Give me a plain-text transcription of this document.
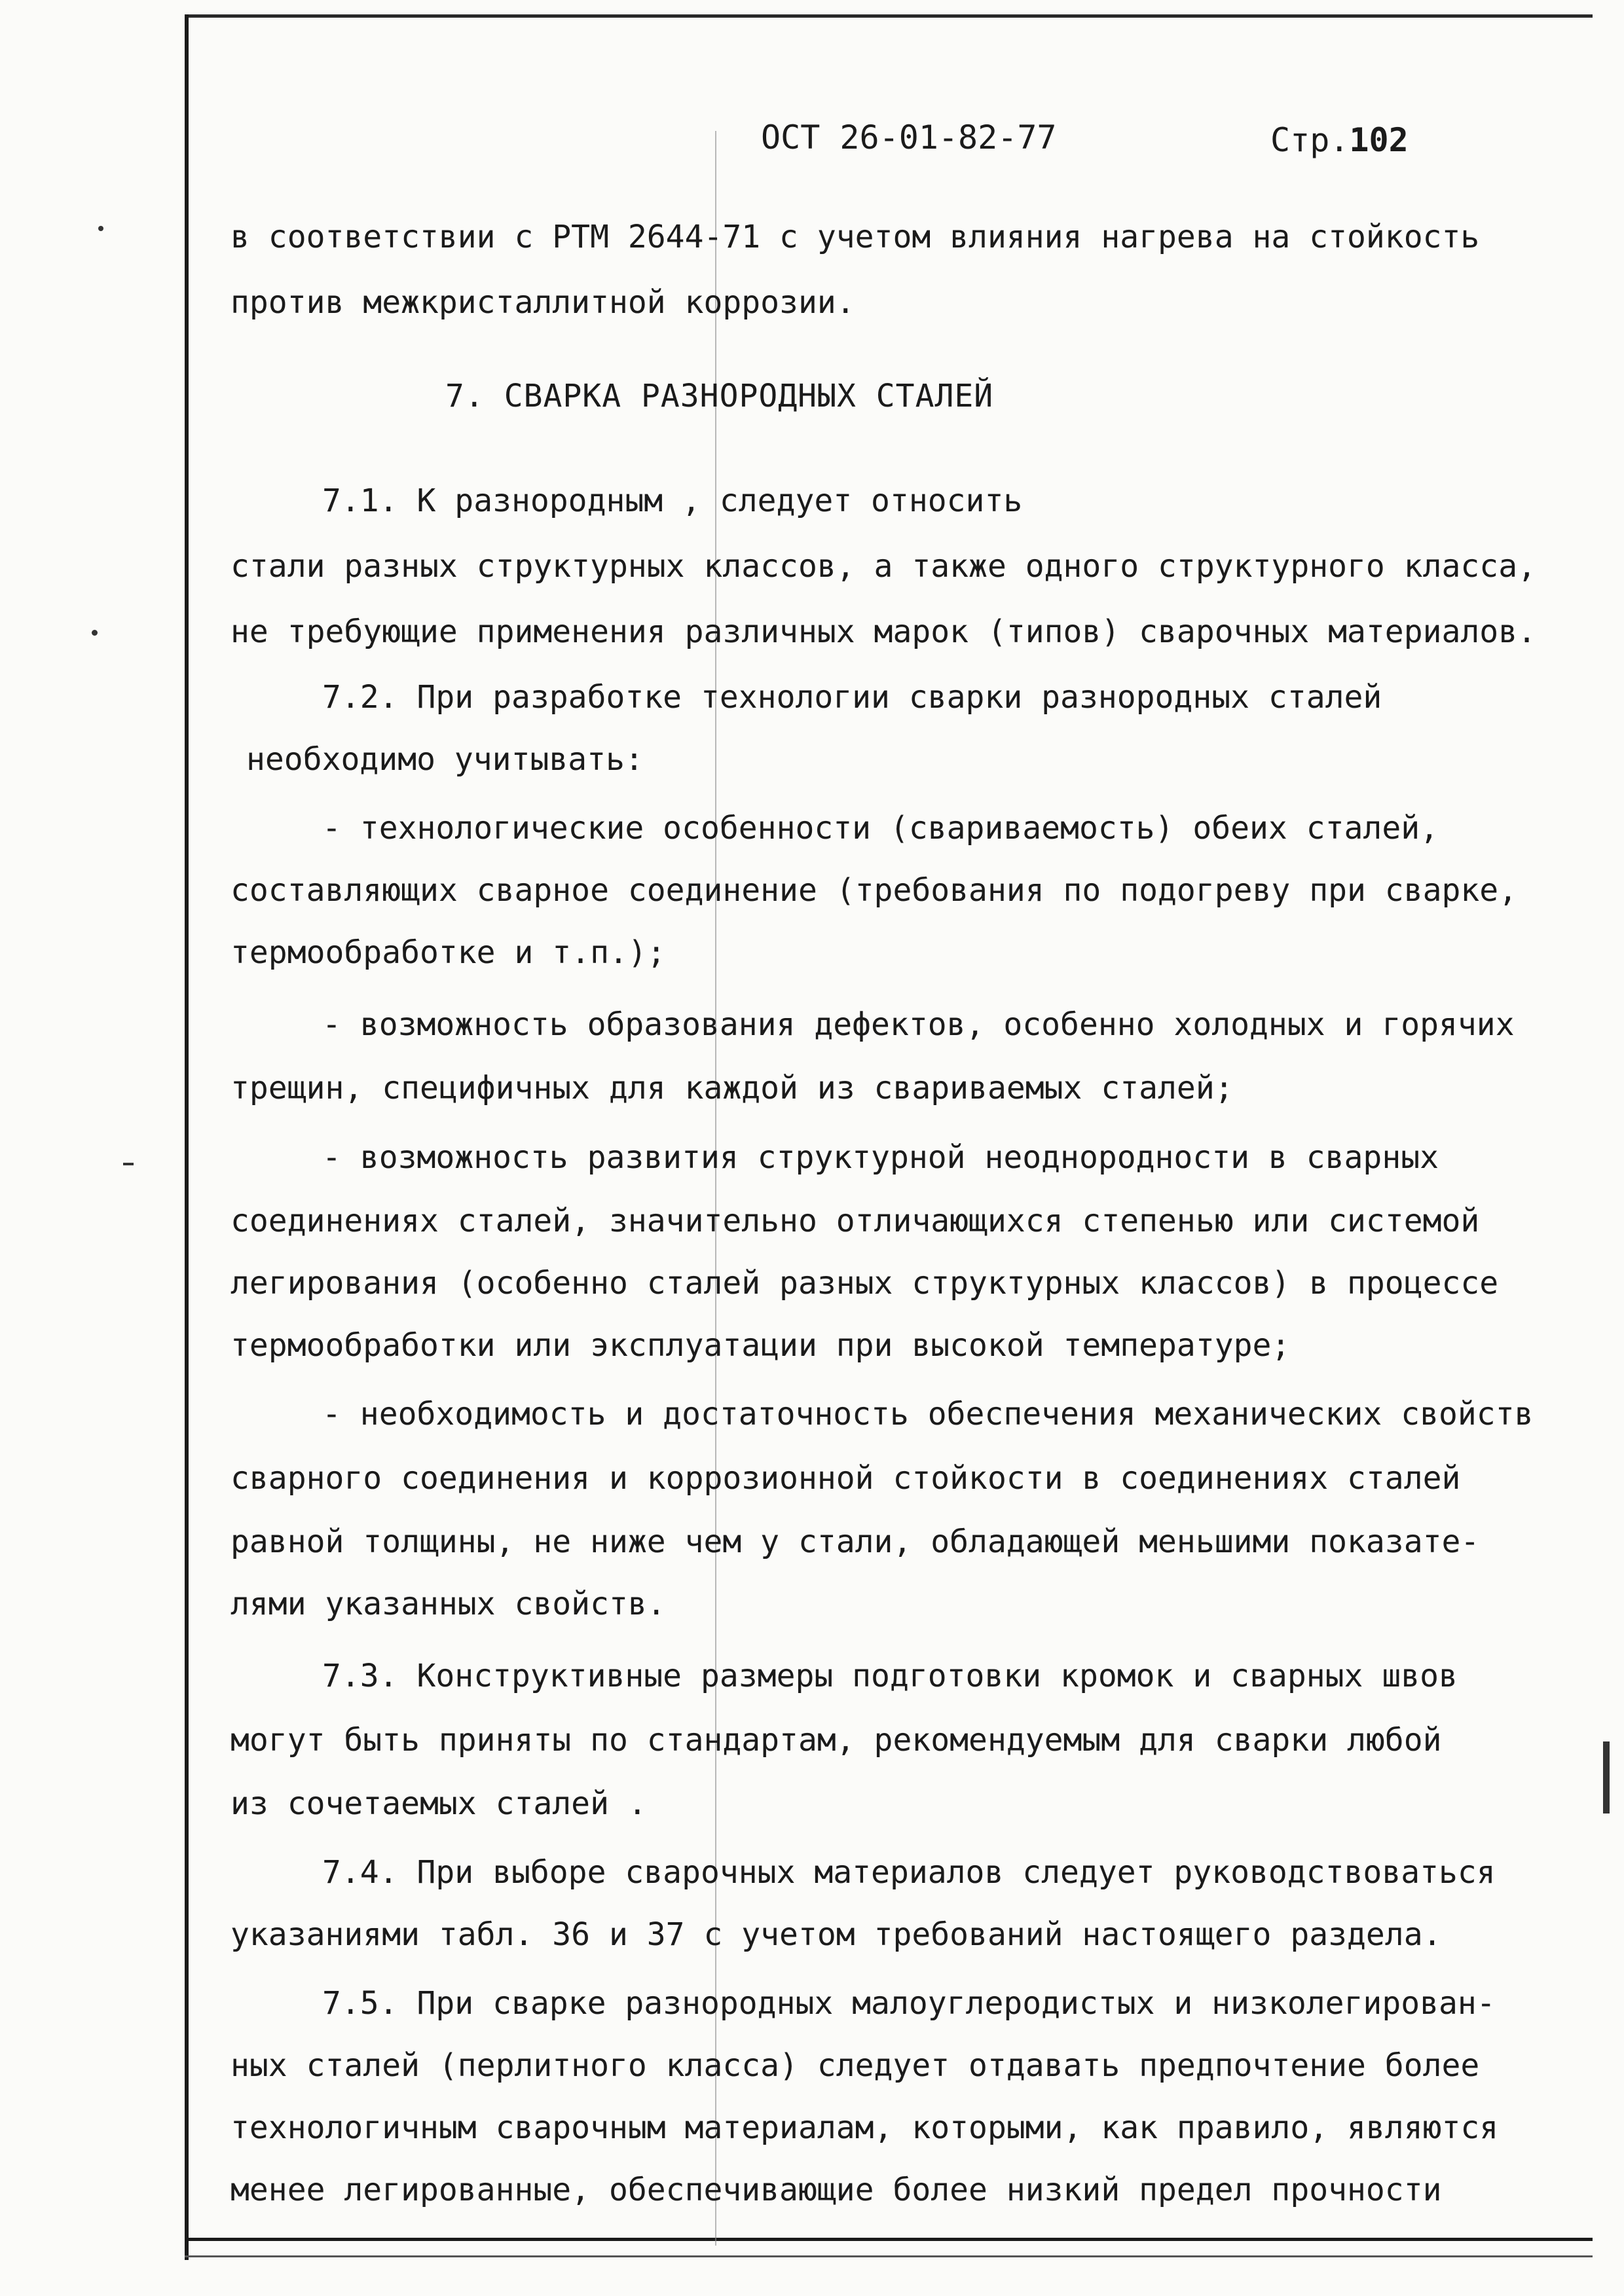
ОСТ 26-01-82-77	Стр.102
в соответствии с РТМ 2644-71 с учетом влияния нагрева на стойкость
против межкристаллитной коррозии.
7. СВАРКА РАЗНОРОДНЫХ СТАЛЕЙ
7.1. К разнородным , следует относить
стали разных структурных классов, а также одного структурного класса,
не требующие применения различных марок (типов) сварочных материалов.
7.2. При разработке технологии сварки разнородных сталей
необходимо учитывать:
- технологические особенности (свариваемость) обеих сталей,
составляющих сварное соединение (требования по подогреву при сварке,
термообработке и т.п.);
- возможность образования дефектов, особенно холодных и горячих
трещин, специфичных для каждой из свариваемых сталей;
- возможность развития структурной неоднородности в сварных
соединениях сталей, значительно отличающихся степенью или системой
легирования (особенно сталей разных структурных классов) в процессе
термообработки или эксплуатации при высокой температуре;
- необходимость и достаточность обеспечения механических свойств
сварного соединения и коррозионной стойкости в соединениях сталей
равной толщины, не ниже чем у стали, обладающей меньшими показате-
лями указанных свойств.
7.3. Конструктивные размеры подготовки кромок и сварных швов
могут быть приняты по стандартам, рекомендуемым для сварки любой
из сочетаемых сталей .
7.4. При выборе сварочных материалов следует руководствоваться
указаниями табл. 36 и 37 с учетом требований настоящего раздела.
7.5. При сварке разнородных малоуглеродистых и низколегирован-
ных сталей (перлитного класса) следует отдавать предпочтение более
технологичным сварочным материалам, которыми, как правило, являются
менее легированные, обеспечивающие более низкий предел прочности
